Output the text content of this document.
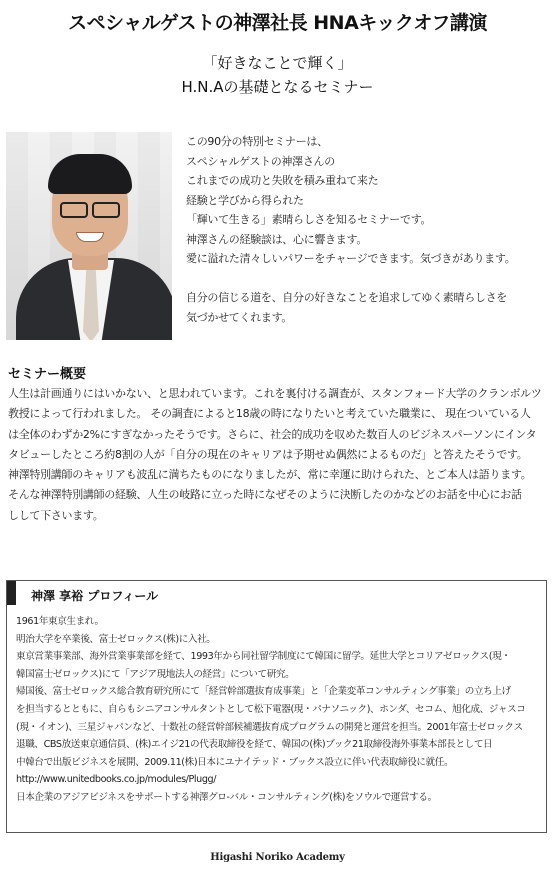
スペシャルゲストの神澤社長 HNAキックオフ講演
「好きなことで輝く」
H.N.Aの基礎となるセミナー

この90分の特別セミナーは、

スペシャルゲストの神澤さんの

これまでの成功と失敗を積み重ねて来た

経験と学びから得られた

「輝いて生きる」素晴らしさを知るセミナーです。

神澤さんの経験談は、心に響きます。

愛に溢れた清々しいパワーをチャージできます。気づきがあります。

自分の信じる道を、自分の好きなことを追求してゆく素晴らしさを

気づかせてくれます。

セミナー概要

人生は計画通りにはいかない、と思われています。これを裏付ける調査が、スタンフォード大学のクランボルツ

教授によって行われました。 その調査によると18歳の時になりたいと考えていた職業に、 現在ついている人

は全体のわずか2%にすぎなかったそうです。さらに、社会的成功を収めた数百人のビジネスパーソンにインタ

タビューしたところ約8割の人が「自分の現在のキャリアは予期せぬ偶然によるものだ」と答えたそうです。

神澤特別講師のキャリアも波乱に満ちたものになりましたが、常に幸運に助けられた、とご本人は語ります。

そんな神澤特別講師の経験、人生の岐路に立った時になぜそのように決断したのかなどのお話を中心にお話

しして下さいます。

神澤 享裕 プロフィール

1961年東京生まれ。

明治大学を卒業後、富士ゼロックス(株)に入社。

東京営業事業部、海外営業事業部を経て、1993年から同社留学制度にて韓国に留学。延世大学とコリアゼロックス(現・

韓国富士ゼロックス)にて「アジア現地法人の経営」について研究。

帰国後、富士ゼロックス総合教育研究所にて「経営幹部選抜育成事業」と「企業変革コンサルティング事業」の立ち上げ

を担当するとともに、自らもシニアコンサルタントとして松下電器(現・パナソニック)、ホンダ、セコム、旭化成、ジャスコ

(現・イオン)、三星ジャパンなど、十数社の経営幹部候補選抜育成プログラムの開発と運営を担当。2001年富士ゼロックス

退職、CBS放送東京通信員、(株)エイジ21の代表取締役を経て、韓国の(株)ブック21取締役海外事業本部長として日

中韓台で出版ビジネスを展開、2009.11(株)日本にユナイテッド・ブックス設立に伴い代表取締役に就任。

http://www.unitedbooks.co.jp/modules/Plugg/

日本企業のアジアビジネスをサポートする神澤グロ-バル・コンサルティング(株)をソウルで運営する。

Higashi Noriko Academy
